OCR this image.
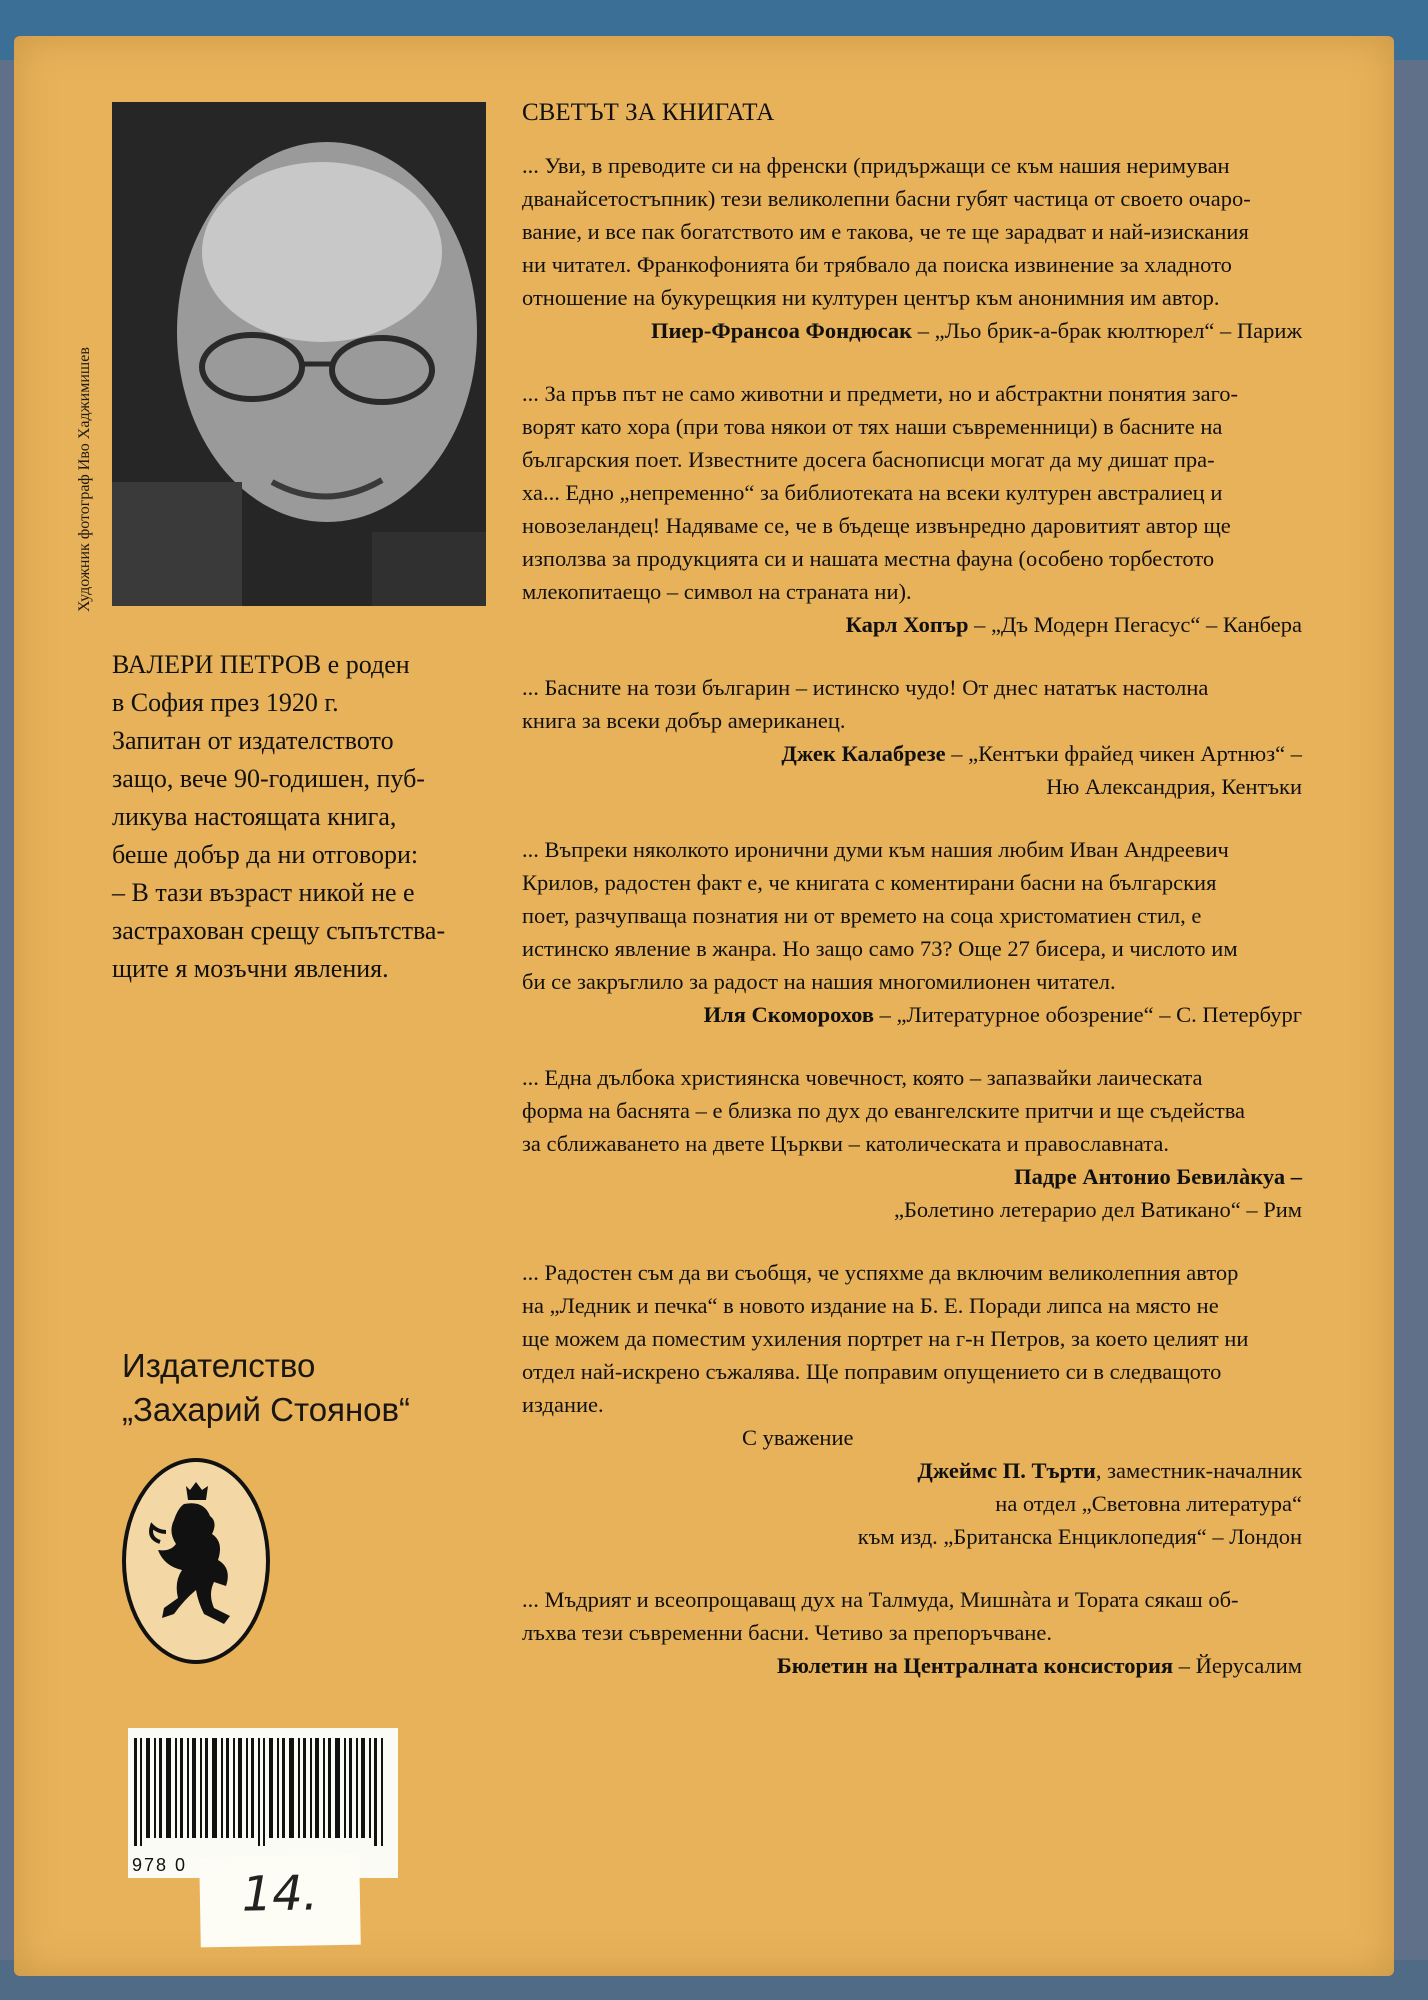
Художник фотограф Иво Хаджимишев

ВАЛЕРИ ПЕТРОВ е роден

в София през 1920 г.

Запитан от издателството

защо, вече 90-годишен, пуб-

ликува настоящата книга,

беше добър да ни отговори:

– В тази възраст никой не е

застрахован срещу съпътства-

щите я мозъчни явления.

Издателство
„Захарий Стоянов“
978 0
14.

СВЕТЪТ ЗА КНИГАТА

... Уви, в преводите си на френски (придържащи се към нашия неримуван

дванайсетостъпник) тези великолепни басни губят частица от своето очаро-

вание, и все пак богатството им е такова, че те ще зарадват и най-изискания

ни читател. Франкофонията би трябвало да поиска извинение за хладното

отношение на букурещкия ни културен център към анонимния им автор.

Пиер-Франсоа Фондюсак – „Льо брик-а-брак кюлтюрел“ – Париж

... За пръв път не само животни и предмети, но и абстрактни понятия заго-

ворят като хора (при това някои от тях наши съвременници) в басните на

българския поет. Известните досега баснописци могат да му дишат пра-

ха... Едно „непременно“ за библиотеката на всеки културен австралиец и

новозеландец! Надяваме се, че в бъдеще извънредно даровитият автор ще

използва за продукцията си и нашата местна фауна (особено торбестото

млекопитаещо – символ на страната ни).

Карл Хопър – „Дъ Модерн Пегасус“ – Канбера

... Басните на този българин – истинско чудо! От днес нататък настолна

книга за всеки добър американец.

Джек Калабрезе – „Кентъки фрайед чикен Артнюз“ –

Ню Александрия, Кентъки

... Въпреки няколкото иронични думи към нашия любим Иван Андреевич

Крилов, радостен факт е, че книгата с коментирани басни на българския

поет, разчупваща познатия ни от времето на соца христоматиен стил, е

истинско явление в жанра. Но защо само 73? Още 27 бисера, и числото им

би се закръглило за радост на нашия многомилионен читател.

Иля Скоморохов – „Литературное обозрение“ – С. Петербург

... Една дълбока християнска човечност, която – запазвайки лаическата

форма на баснята – е близка по дух до евангелските притчи и ще съдейства

за сближаването на двете Църкви – католическата и православната.

Падре Антонио Бевилàкуа –

„Болетино летерарио дел Ватикано“ – Рим

... Радостен съм да ви съобщя, че успяхме да включим великолепния автор

на „Ледник и печка“ в новото издание на Б. Е. Поради липса на място не

ще можем да поместим ухиления портрет на г-н Петров, за което целият ни

отдел най-искрено съжалява. Ще поправим опущението си в следващото

издание.

С уважение

Джеймс П. Търти, заместник-началник

на отдел „Световна литература“

към изд. „Британска Енциклопедия“ – Лондон

... Мъдрият и всеопрощаващ дух на Талмуда, Мишнàта и Тората сякаш об-

лъхва тези съвременни басни. Четиво за препоръчване.

Бюлетин на Централната консистория – Йерусалим
